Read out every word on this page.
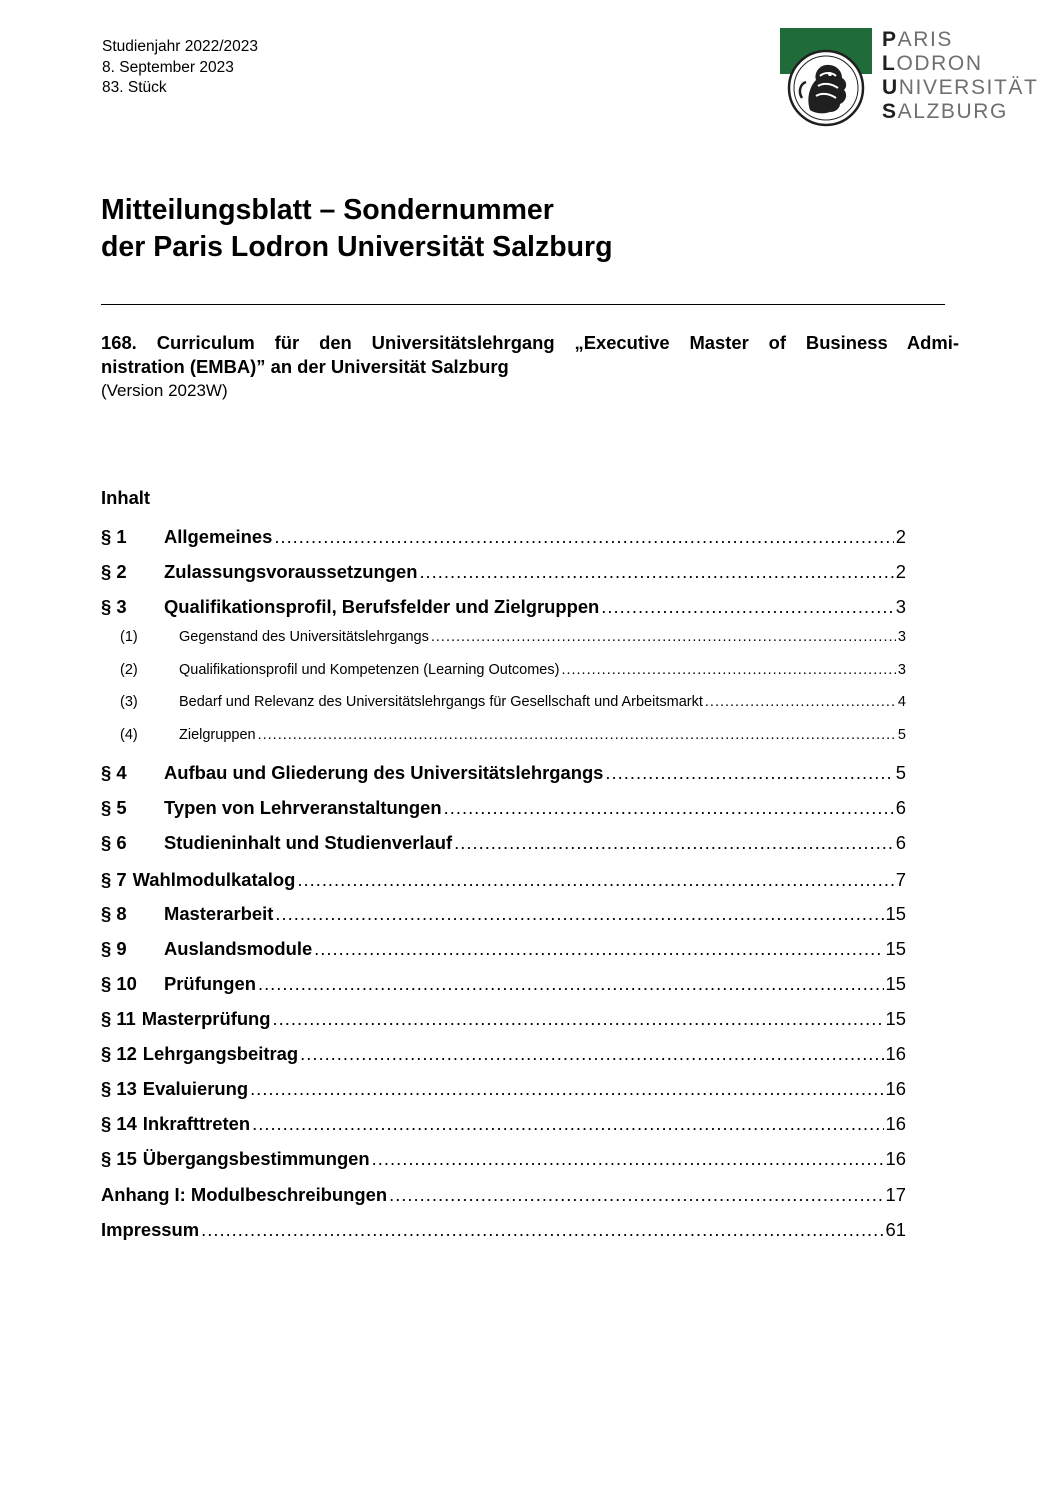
Studienjahr 2022/2023
8. September 2023
83. Stück
PARIS
LODRON
UNIVERSITÄT
SALZBURG
Mitteilungsblatt – Sondernummer
der Paris Lodron Universität Salzburg
168. Curriculum für den Universitätslehrgang „Executive Master of Business Admi-
nistration (EMBA)” an der Universität Salzburg
(Version 2023W)
Inhalt
§ 1	Allgemeines .....	2
§ 2	Zulassungsvoraussetzungen .....	2
§ 3	Qualifikationsprofil, Berufsfelder und Zielgruppen .....	3
(1)	Gegenstand des Universitätslehrgangs .....	3
(2)	Qualifikationsprofil und Kompetenzen (Learning Outcomes) .....	3
(3)	Bedarf und Relevanz des Universitätslehrgangs für Gesellschaft und Arbeitsmarkt .....	4
(4)	Zielgruppen .....	5
§ 4	Aufbau und Gliederung des Universitätslehrgangs .....	5
§ 5	Typen von Lehrveranstaltungen .....	6
§ 6	Studieninhalt und Studienverlauf .....	6
§ 7 Wahlmodulkatalog .....	7
§ 8	Masterarbeit .....	15
§ 9	Auslandsmodule .....	15
§ 10	Prüfungen .....	15
§ 11 Masterprüfung .....	15
§ 12 Lehrgangsbeitrag .....	16
§ 13 Evaluierung .....	16
§ 14 Inkrafttreten .....	16
§ 15 Übergangsbestimmungen .....	16
Anhang I: Modulbeschreibungen .....	17
Impressum .....	61
